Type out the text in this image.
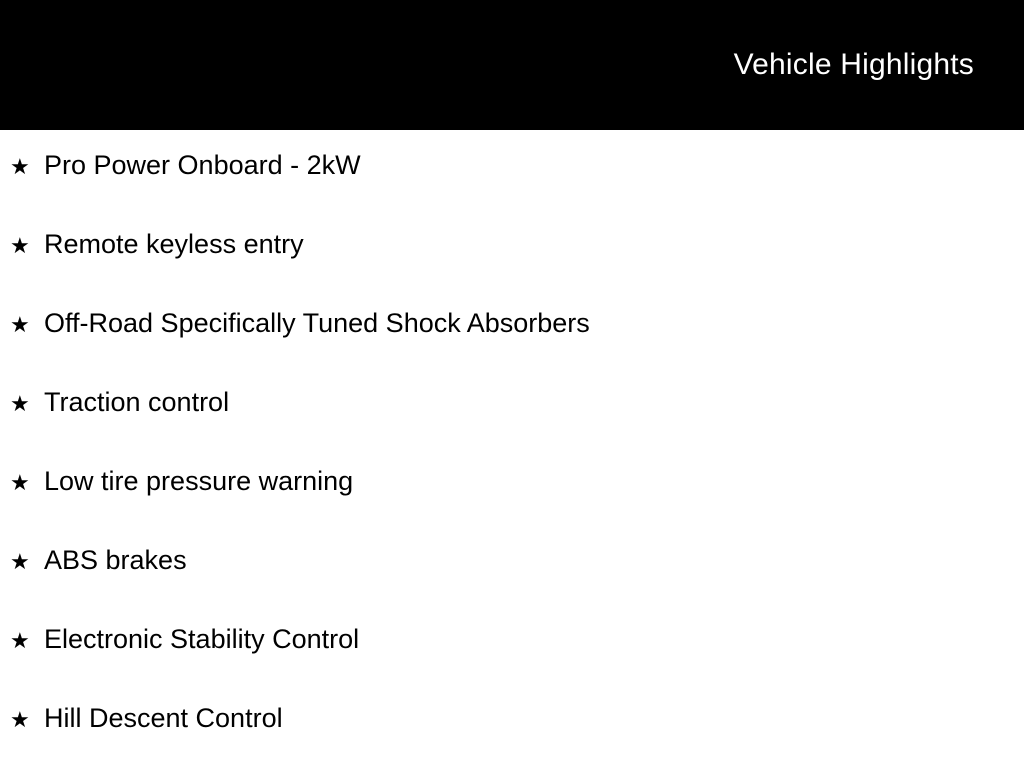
Vehicle Highlights
★ Pro Power Onboard - 2kW
★ Remote keyless entry
★ Off-Road Specifically Tuned Shock Absorbers
★ Traction control
★ Low tire pressure warning
★ ABS brakes
★ Electronic Stability Control
★ Hill Descent Control
